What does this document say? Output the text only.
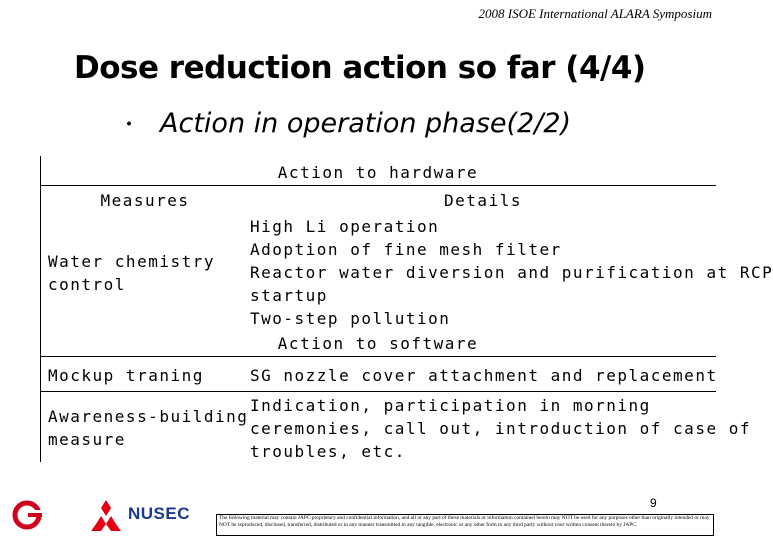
2008 ISOE International ALARA Symposium
Dose reduction action so far (4/4)
・ Action in operation phase(2/2)
Action to hardware
Measures	Details
Water chemistry
control
High Li operation
Adoption of fine mesh filter
Reactor water diversion and purification at RCP
startup
Two-step pollution
Action to software
Mockup traning	SG nozzle cover attachment and replacement
Awareness-building
measure
Indication, participation in morning
ceremonies, call out, introduction of case of
troubles, etc.
NUSEC
9
The following material may contain JAPC proprietary and confidential information, and all or any part of these materials or information contained herein may NOT be used for any purposes other than originally intended or may NOT be reproduced, disclosed, transferred, distributed or in any manner transmitted in any tangible, electronic or any other form to any third party without your written consent thereto by JAPC.
